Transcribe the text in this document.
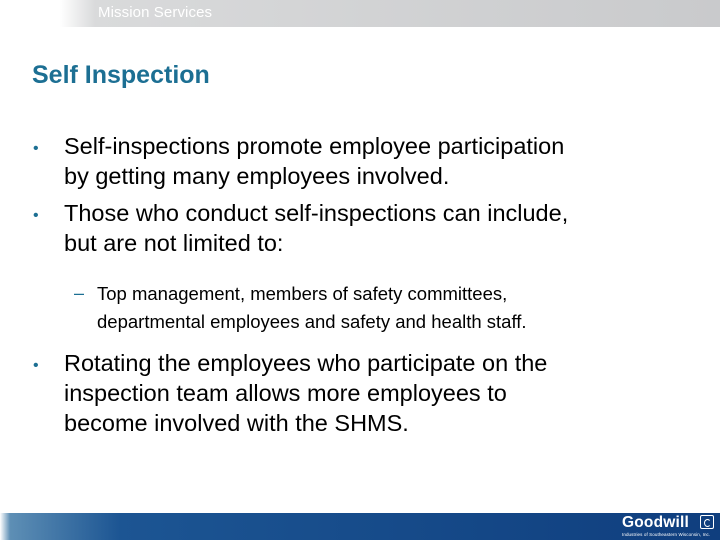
Mission Services
Self Inspection
• Self-inspections promote employee participation
by getting many employees involved.
• Those who conduct self-inspections can include,
but are not limited to:
– Top management, members of safety committees,
departmental employees and safety and health staff.
• Rotating the employees who participate on the
inspection team allows more employees to
become involved with the SHMS.
Goodwill
Industries of Southeastern Wisconsin, Inc.
